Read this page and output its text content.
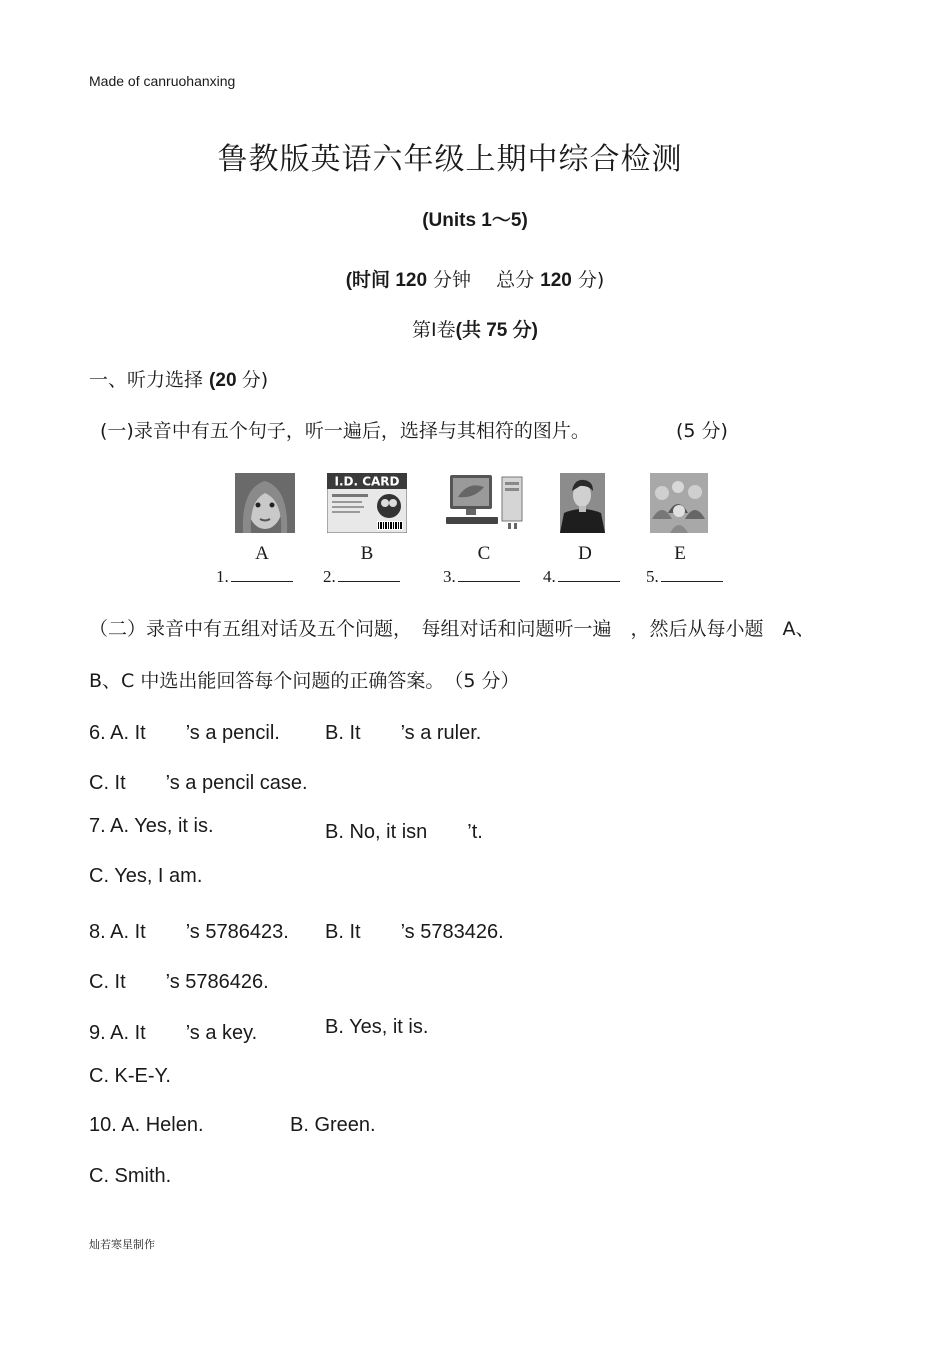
Made of canruohanxing
鲁教版英语六年级上期中综合检测
(Units 1～5)
(时间 120 分钟　 总分 120 分)
第Ⅰ卷(共 75 分)
一、听力选择 (20 分)
(一)录音中有五个句子，听一遍后，选择与其相符的图片。	(5 分)
I.D. CARD
A	B	C	D	E
1.	2.	3.	4.	5.
（二）录音中有五组对话及五个问题，　每组对话和问题听一遍　，然后从每小题　A、
B、C 中选出能回答每个问题的正确答案。　（5 分）
6. A. It　　’s a pencil. B. It　　’s a ruler.
C. It　　’s a pencil case.
7. A. Yes, it is.	B. No, it isn　　’t.
C. Yes, I am.
8. A. It　　’s 5786423. B. It　　’s 5783426.
C. It　　’s 5786426.
9. A. It　　’s a key.	B. Yes, it is.
C. K-E-Y.
10. A. Helen.	B. Green.
C. Smith.
灿若寒星制作
